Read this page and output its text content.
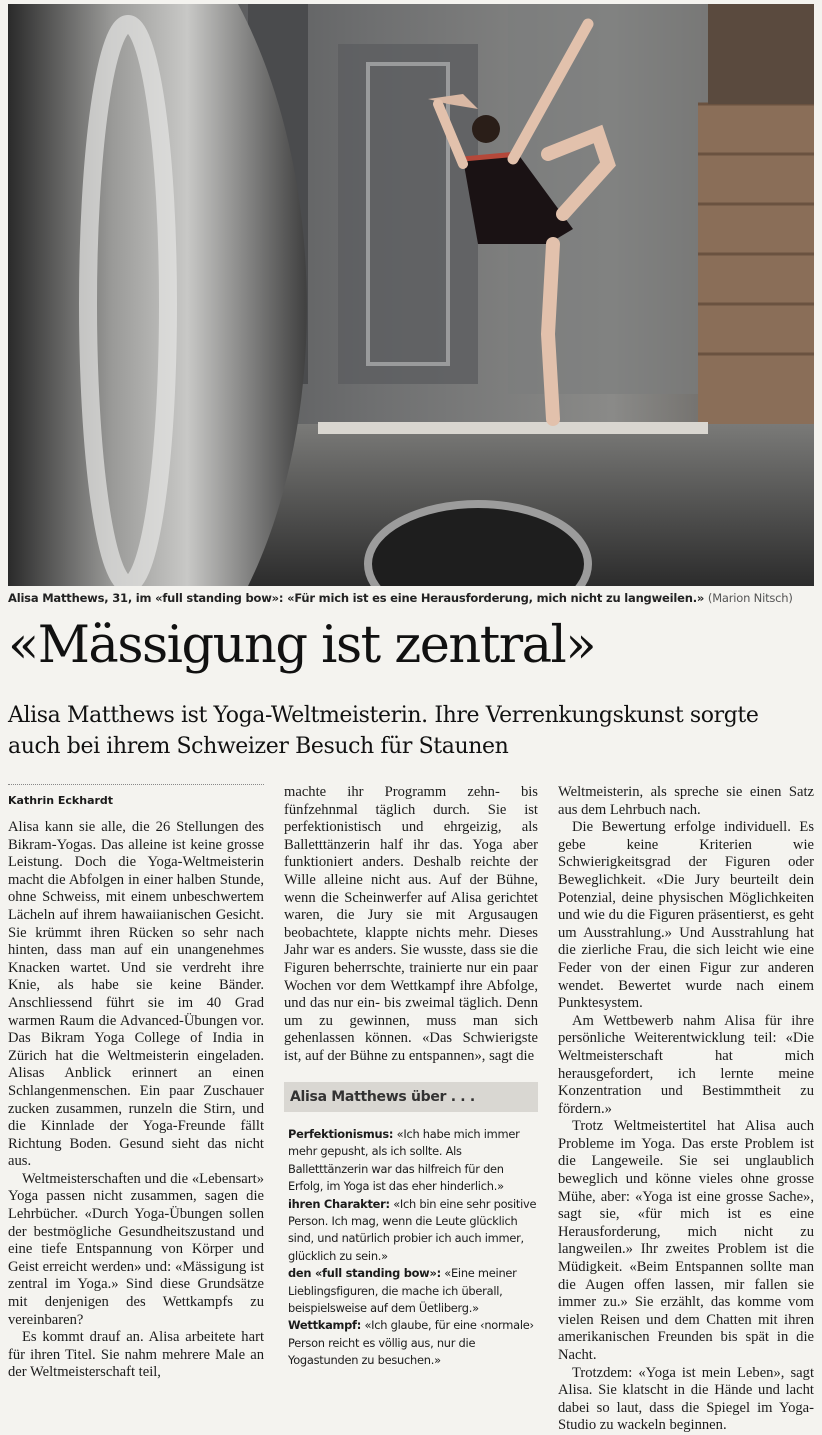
Alisa Matthews, 31, im «full standing bow»: «Für mich ist es eine Herausforderung, mich nicht zu langweilen.» (Marion Nitsch)
«Mässigung ist zentral»
Alisa Matthews ist Yoga-Weltmeisterin. Ihre Verrenkungskunst sorgte auch bei ihrem Schweizer Besuch für Staunen
Kathrin Eckhardt

Alisa kann sie alle, die 26 Stellungen des Bikram-Yogas. Das alleine ist keine grosse Leistung. Doch die Yoga-Weltmeisterin macht die Abfolgen in einer halben Stunde, ohne Schweiss, mit einem unbeschwertem Lächeln auf ihrem hawaiianischen Gesicht. Sie krümmt ihren Rücken so sehr nach hinten, dass man auf ein unangenehmes Knacken wartet. Und sie verdreht ihre Knie, als habe sie keine Bänder. Anschliessend führt sie im 40 Grad warmen Raum die Advanced-Übungen vor. Das Bikram Yoga College of India in Zürich hat die Weltmeisterin eingeladen. Alisas Anblick erinnert an einen Schlangenmenschen. Ein paar Zuschauer zucken zusammen, runzeln die Stirn, und die Kinnlade der Yoga-Freunde fällt Richtung Boden. Gesund sieht das nicht aus.

Weltmeisterschaften und die «Lebensart» Yoga passen nicht zusammen, sagen die Lehrbücher. «Durch Yoga-Übungen sollen der bestmögliche Gesundheitszustand und eine tiefe Entspannung von Körper und Geist erreicht werden» und: «Mässigung ist zentral im Yoga.» Sind diese Grundsätze mit denjenigen des Wettkampfs zu vereinbaren?

Es kommt drauf an. Alisa arbeitete hart für ihren Titel. Sie nahm mehrere Male an der Weltmeisterschaft teil,

machte ihr Programm zehn- bis fünfzehnmal täglich durch. Sie ist perfektionistisch und ehrgeizig, als Balletttänzerin half ihr das. Yoga aber funktioniert anders. Deshalb reichte der Wille alleine nicht aus. Auf der Bühne, wenn die Scheinwerfer auf Alisa gerichtet waren, die Jury sie mit Argusaugen beobachtete, klappte nichts mehr. Dieses Jahr war es anders. Sie wusste, dass sie die Figuren beherrschte, trainierte nur ein paar Wochen vor dem Wettkampf ihre Abfolge, und das nur ein- bis zweimal täglich. Denn um zu gewinnen, muss man sich gehenlassen können. «Das Schwierigste ist, auf der Bühne zu entspannen», sagt die

Alisa Matthews über . . .

Perfektionismus: «Ich habe mich immer mehr gepusht, als ich sollte. Als Balletttänzerin war das hilfreich für den Erfolg, im Yoga ist das eher hinderlich.»

ihren Charakter: «Ich bin eine sehr positive Person. Ich mag, wenn die Leute glücklich sind, und natürlich probier ich auch immer, glücklich zu sein.»

den «full standing bow»: «Eine meiner Lieblingsfiguren, die mache ich überall, beispielsweise auf dem Üetliberg.»

Wettkampf: «Ich glaube, für eine ‹normale› Person reicht es völlig aus, nur die Yogastunden zu besuchen.»

Weltmeisterin, als spreche sie einen Satz aus dem Lehrbuch nach.

Die Bewertung erfolge individuell. Es gebe keine Kriterien wie Schwierigkeitsgrad der Figuren oder Beweglichkeit. «Die Jury beurteilt dein Potenzial, deine physischen Möglichkeiten und wie du die Figuren präsentierst, es geht um Ausstrahlung.» Und Ausstrahlung hat die zierliche Frau, die sich leicht wie eine Feder von der einen Figur zur anderen wendet. Bewertet wurde nach einem Punktesystem.

Am Wettbewerb nahm Alisa für ihre persönliche Weiterentwicklung teil: «Die Weltmeisterschaft hat mich herausgefordert, ich lernte meine Konzentration und Bestimmtheit zu fördern.»

Trotz Weltmeistertitel hat Alisa auch Probleme im Yoga. Das erste Problem ist die Langeweile. Sie sei unglaublich beweglich und könne vieles ohne grosse Mühe, aber: «Yoga ist eine grosse Sache», sagt sie, «für mich ist es eine Herausforderung, mich nicht zu langweilen.» Ihr zweites Problem ist die Müdigkeit. «Beim Entspannen sollte man die Augen offen lassen, mir fallen sie immer zu.» Sie erzählt, das komme vom vielen Reisen und dem Chatten mit ihren amerikanischen Freunden bis spät in die Nacht.

Trotzdem: «Yoga ist mein Leben», sagt Alisa. Sie klatscht in die Hände und lacht dabei so laut, dass die Spiegel im Yoga-Studio zu wackeln beginnen.
